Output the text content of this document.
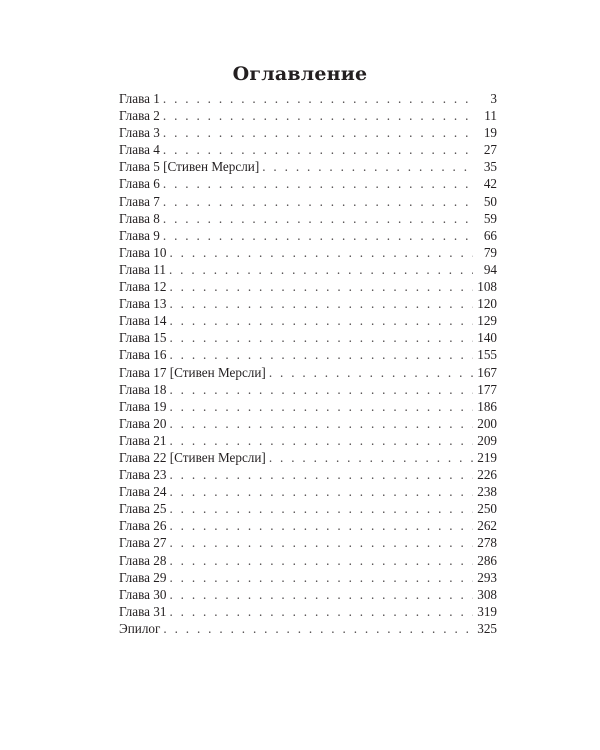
Оглавление
Глава 1 . . .	3
Глава 2 . . .	11
Глава 3 . . .	19
Глава 4 . . .	27
Глава 5 [Стивен Мерсли] . . .	35
Глава 6 . . .	42
Глава 7 . . .	50
Глава 8 . . .	59
Глава 9 . . .	66
Глава 10 . . .	79
Глава 11 . . .	94
Глава 12 . . .	108
Глава 13 . . .	120
Глава 14 . . .	129
Глава 15 . . .	140
Глава 16 . . .	155
Глава 17 [Стивен Мерсли] . . .	167
Глава 18 . . .	177
Глава 19 . . .	186
Глава 20 . . .	200
Глава 21 . . .	209
Глава 22 [Стивен Мерсли] . . .	219
Глава 23 . . .	226
Глава 24 . . .	238
Глава 25 . . .	250
Глава 26 . . .	262
Глава 27 . . .	278
Глава 28 . . .	286
Глава 29 . . .	293
Глава 30 . . .	308
Глава 31 . . .	319
Эпилог . . .	325
